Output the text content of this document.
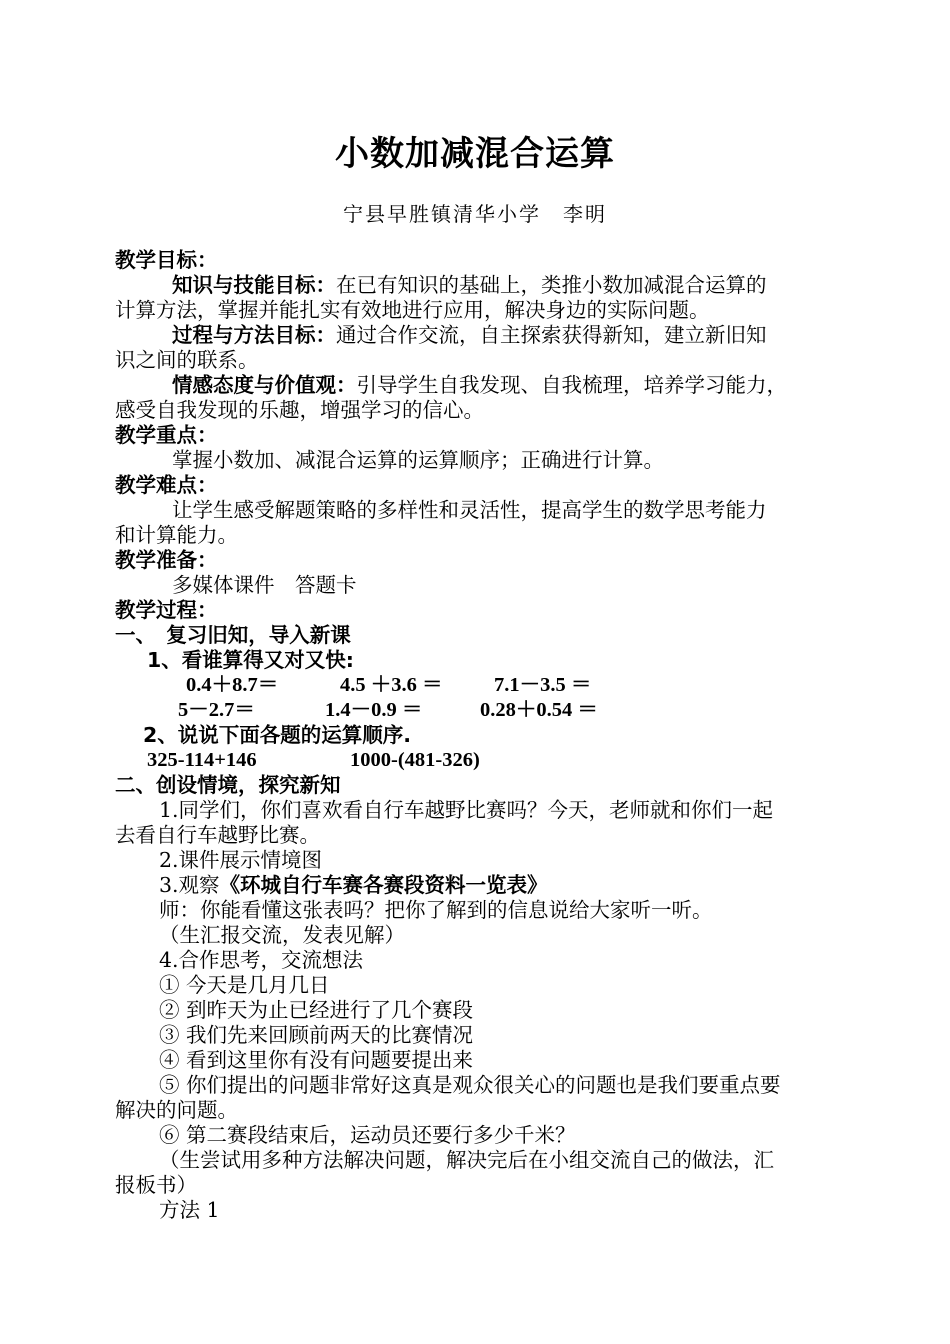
小数加减混合运算
宁县早胜镇清华小学　李明
教学目标：
知识与技能目标：在已有知识的基础上，类推小数加减混合运算的
计算方法，掌握并能扎实有效地进行应用，解决身边的实际问题。
过程与方法目标：通过合作交流，自主探索获得新知，建立新旧知
识之间的联系。
情感态度与价值观：引导学生自我发现、自我梳理，培养学习能力，
感受自我发现的乐趣，增强学习的信心。
教学重点：
掌握小数加、减混合运算的运算顺序；正确进行计算。
教学难点：
让学生感受解题策略的多样性和灵活性，提高学生的数学思考能力
和计算能力。
教学准备：
多媒体课件　答题卡
教学过程：
一、　复习旧知，导入新课
1、看谁算得又对又快:
0.4＋8.7＝	4.5 ＋3.6 ＝	7.1－3.5 ＝
5－2.7＝	1.4－0.9 ＝	0.28＋0.54 ＝
2、说说下面各题的运算顺序.
325-114+146	1000-(481-326)
二、创设情境，探究新知
1.同学们，你们喜欢看自行车越野比赛吗？今天，老师就和你们一起
去看自行车越野比赛。
2.课件展示情境图
3.观察《环城自行车赛各赛段资料一览表》
师：你能看懂这张表吗？把你了解到的信息说给大家听一听。
（生汇报交流，发表见解）
4.合作思考，交流想法
① 今天是几月几日
② 到昨天为止已经进行了几个赛段
③ 我们先来回顾前两天的比赛情况
④ 看到这里你有没有问题要提出来
⑤ 你们提出的问题非常好这真是观众很关心的问题也是我们要重点要
解决的问题。
⑥ 第二赛段结束后，运动员还要行多少千米？
（生尝试用多种方法解决问题，解决完后在小组交流自己的做法，汇
报板书）
方法 1
